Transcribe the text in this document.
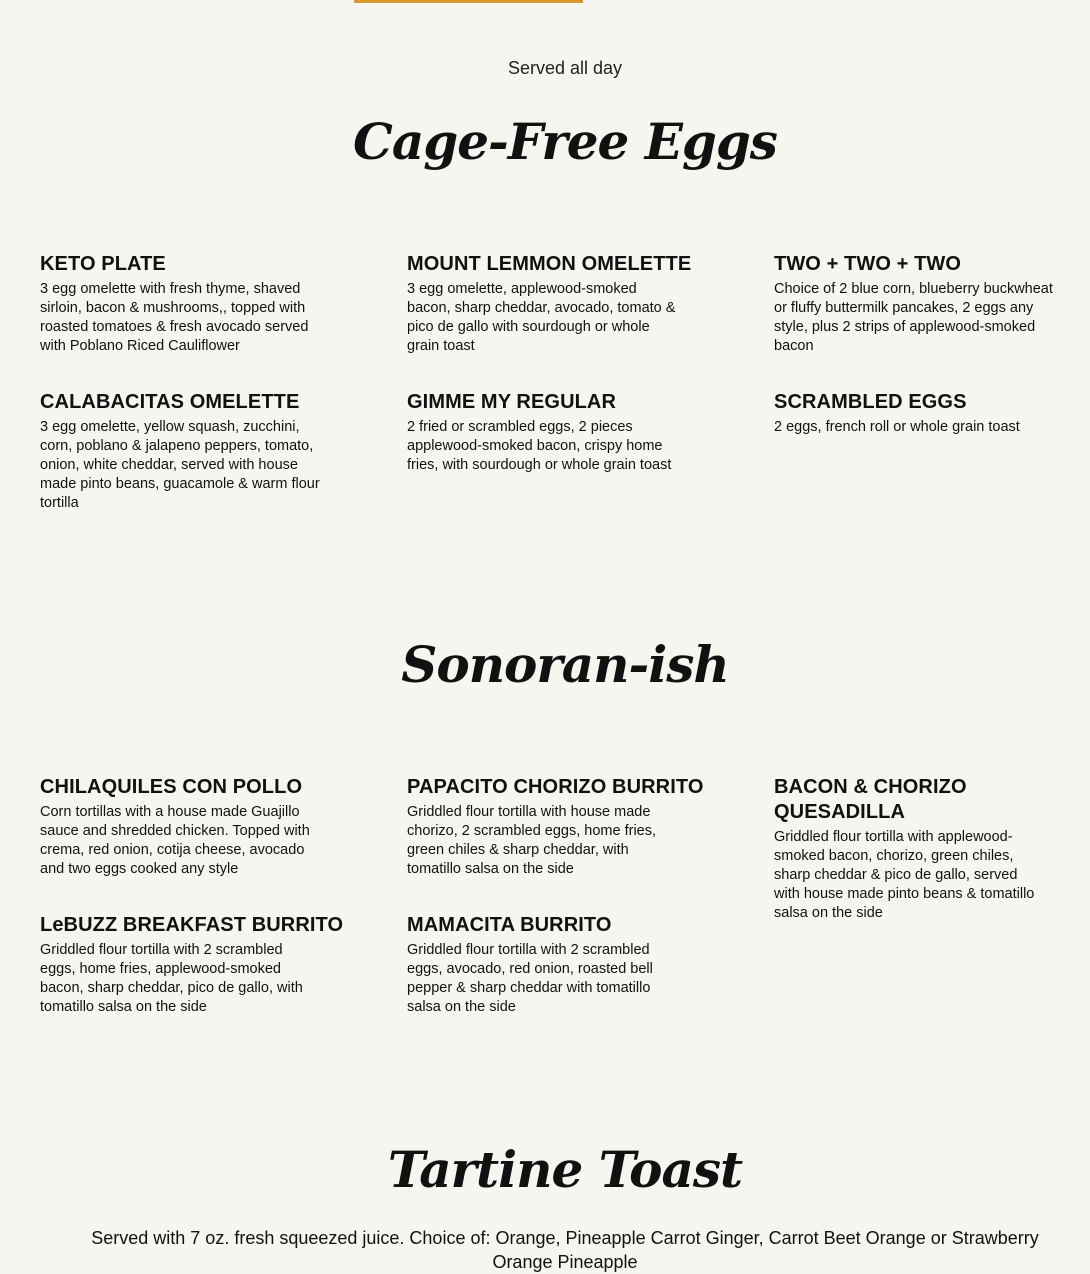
Served all day
Cage-Free Eggs
KETO PLATE
3 egg omelette with fresh thyme, shaved sirloin, bacon & mushrooms,, topped with roasted tomatoes & fresh avocado served with Poblano Riced Cauliflower
CALABACITAS OMELETTE
3 egg omelette, yellow squash, zucchini, corn, poblano & jalapeno peppers, tomato, onion, white cheddar, served with house made pinto beans, guacamole & warm flour tortilla
MOUNT LEMMON OMELETTE
3 egg omelette, applewood-smoked bacon, sharp cheddar, avocado, tomato & pico de gallo with sourdough or whole grain toast
GIMME MY REGULAR
2 fried or scrambled eggs, 2 pieces applewood-smoked bacon, crispy home fries, with sourdough or whole grain toast
TWO + TWO + TWO
Choice of 2 blue corn, blueberry buckwheat or fluffy buttermilk pancakes, 2 eggs any style, plus 2 strips of applewood-smoked bacon
SCRAMBLED EGGS
2 eggs, french roll or whole grain toast
Sonoran-ish
CHILAQUILES CON POLLO
Corn tortillas with a house made Guajillo sauce and shredded chicken. Topped with crema, red onion, cotija cheese, avocado and two eggs cooked any style
LeBUZZ BREAKFAST BURRITO
Griddled flour tortilla with 2 scrambled eggs, home fries, applewood-smoked bacon, sharp cheddar, pico de gallo, with tomatillo salsa on the side
PAPACITO CHORIZO BURRITO
Griddled flour tortilla with house made chorizo, 2 scrambled eggs, home fries, green chiles & sharp cheddar, with tomatillo salsa on the side
MAMACITA BURRITO
Griddled flour tortilla with 2 scrambled eggs, avocado, red onion, roasted bell pepper & sharp cheddar with tomatillo salsa on the side
BACON & CHORIZO QUESADILLA
Griddled flour tortilla with applewood-smoked bacon, chorizo, green chiles, sharp cheddar & pico de gallo, served with house made pinto beans & tomatillo salsa on the side
Tartine Toast
Served with 7 oz. fresh squeezed juice. Choice of: Orange, Pineapple Carrot Ginger, Carrot Beet Orange or Strawberry Orange Pineapple
